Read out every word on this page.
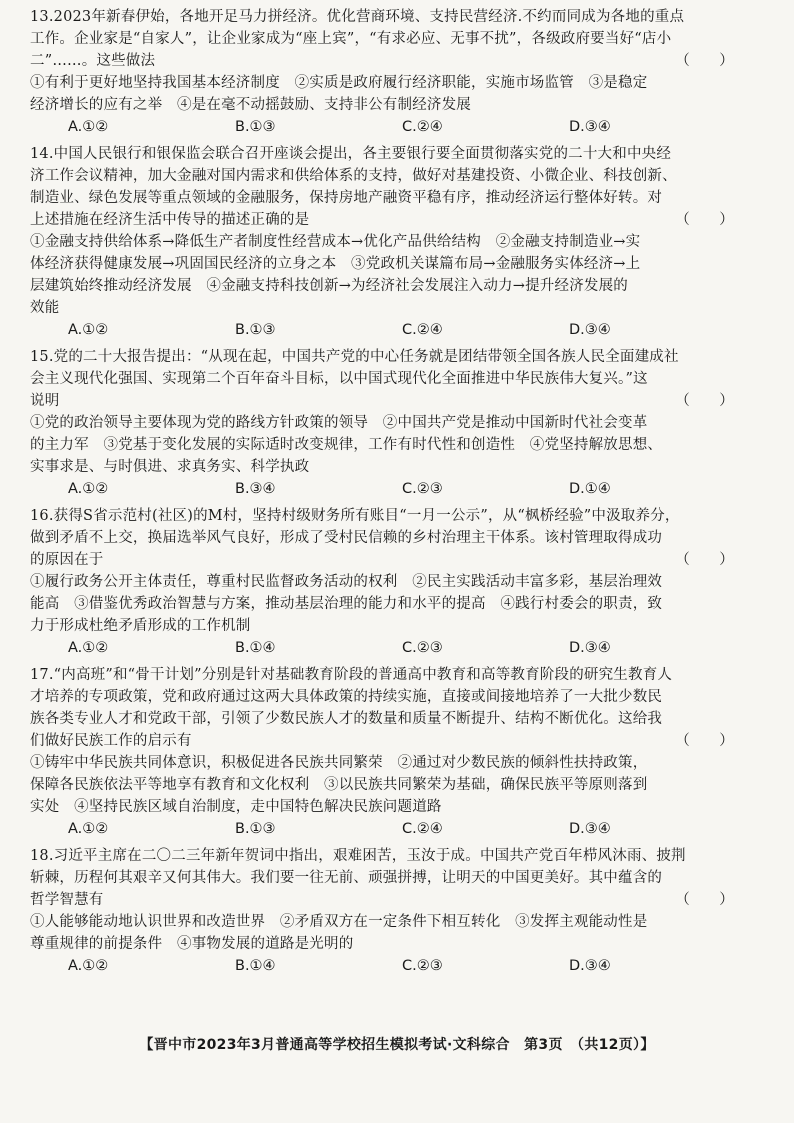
13.2023年新春伊始，各地开足马力拼经济。优化营商环境、支持民营经济.不约而同成为各地的重点
工作。企业家是“自家人”，让企业家成为“座上宾”，“有求必应、无事不扰”，各级政府要当好“店小
二”……。这些做法	（　　）
①有利于更好地坚持我国基本经济制度　②实质是政府履行经济职能，实施市场监管　③是稳定
经济增长的应有之举　④是在毫不动摇鼓励、支持非公有制经济发展
A.①②	B.①③	C.②④	D.③④
14.中国人民银行和银保监会联合召开座谈会提出，各主要银行要全面贯彻落实党的二十大和中央经
济工作会议精神，加大金融对国内需求和供给体系的支持，做好对基建投资、小微企业、科技创新、
制造业、绿色发展等重点领域的金融服务，保持房地产融资平稳有序，推动经济运行整体好转。对
上述措施在经济生活中传导的描述正确的是	（　　）
①金融支持供给体系→降低生产者制度性经营成本→优化产品供给结构　②金融支持制造业→实
体经济获得健康发展→巩固国民经济的立身之本　③党政机关谋篇布局→金融服务实体经济→上
层建筑始终推动经济发展　④金融支持科技创新→为经济社会发展注入动力→提升经济发展的
效能
A.①②	B.①③	C.②④	D.③④
15.党的二十大报告提出：“从现在起，中国共产党的中心任务就是团结带领全国各族人民全面建成社
会主义现代化强国、实现第二个百年奋斗目标，以中国式现代化全面推进中华民族伟大复兴。”这
说明	（　　）
①党的政治领导主要体现为党的路线方针政策的领导　②中国共产党是推动中国新时代社会变革
的主力军　③党基于变化发展的实际适时改变规律，工作有时代性和创造性　④党坚持解放思想、
实事求是、与时俱进、求真务实、科学执政
A.①②	B.③④	C.②③	D.①④
16.获得S省示范村(社区)的M村，坚持村级财务所有账目“一月一公示”，从“枫桥经验”中汲取养分，
做到矛盾不上交，换届选举风气良好，形成了受村民信赖的乡村治理主干体系。该村管理取得成功
的原因在于	（　　）
①履行政务公开主体责任，尊重村民监督政务活动的权利　②民主实践活动丰富多彩，基层治理效
能高　③借鉴优秀政治智慧与方案，推动基层治理的能力和水平的提高　④践行村委会的职责，致
力于形成杜绝矛盾形成的工作机制
A.①②	B.①④	C.②③	D.③④
17.“内高班”和“骨干计划”分别是针对基础教育阶段的普通高中教育和高等教育阶段的研究生教育人
才培养的专项政策，党和政府通过这两大具体政策的持续实施，直接或间接地培养了一大批少数民
族各类专业人才和党政干部，引领了少数民族人才的数量和质量不断提升、结构不断优化。这给我
们做好民族工作的启示有	（　　）
①铸牢中华民族共同体意识，积极促进各民族共同繁荣　②通过对少数民族的倾斜性扶持政策，
保障各民族依法平等地享有教育和文化权利　③以民族共同繁荣为基础，确保民族平等原则落到
实处　④坚持民族区域自治制度，走中国特色解决民族问题道路
A.①②	B.①③	C.②④	D.③④
18.习近平主席在二〇二三年新年贺词中指出，艰难困苦，玉汝于成。中国共产党百年栉风沐雨、披荆
斩棘，历程何其艰辛又何其伟大。我们要一往无前、顽强拼搏，让明天的中国更美好。其中蕴含的
哲学智慧有	（　　）
①人能够能动地认识世界和改造世界　②矛盾双方在一定条件下相互转化　③发挥主观能动性是
尊重规律的前提条件　④事物发展的道路是光明的
A.①②	B.①④	C.②③	D.③④
【晋中市2023年3月普通高等学校招生模拟考试·文科综合　第3页　（共12页）】
